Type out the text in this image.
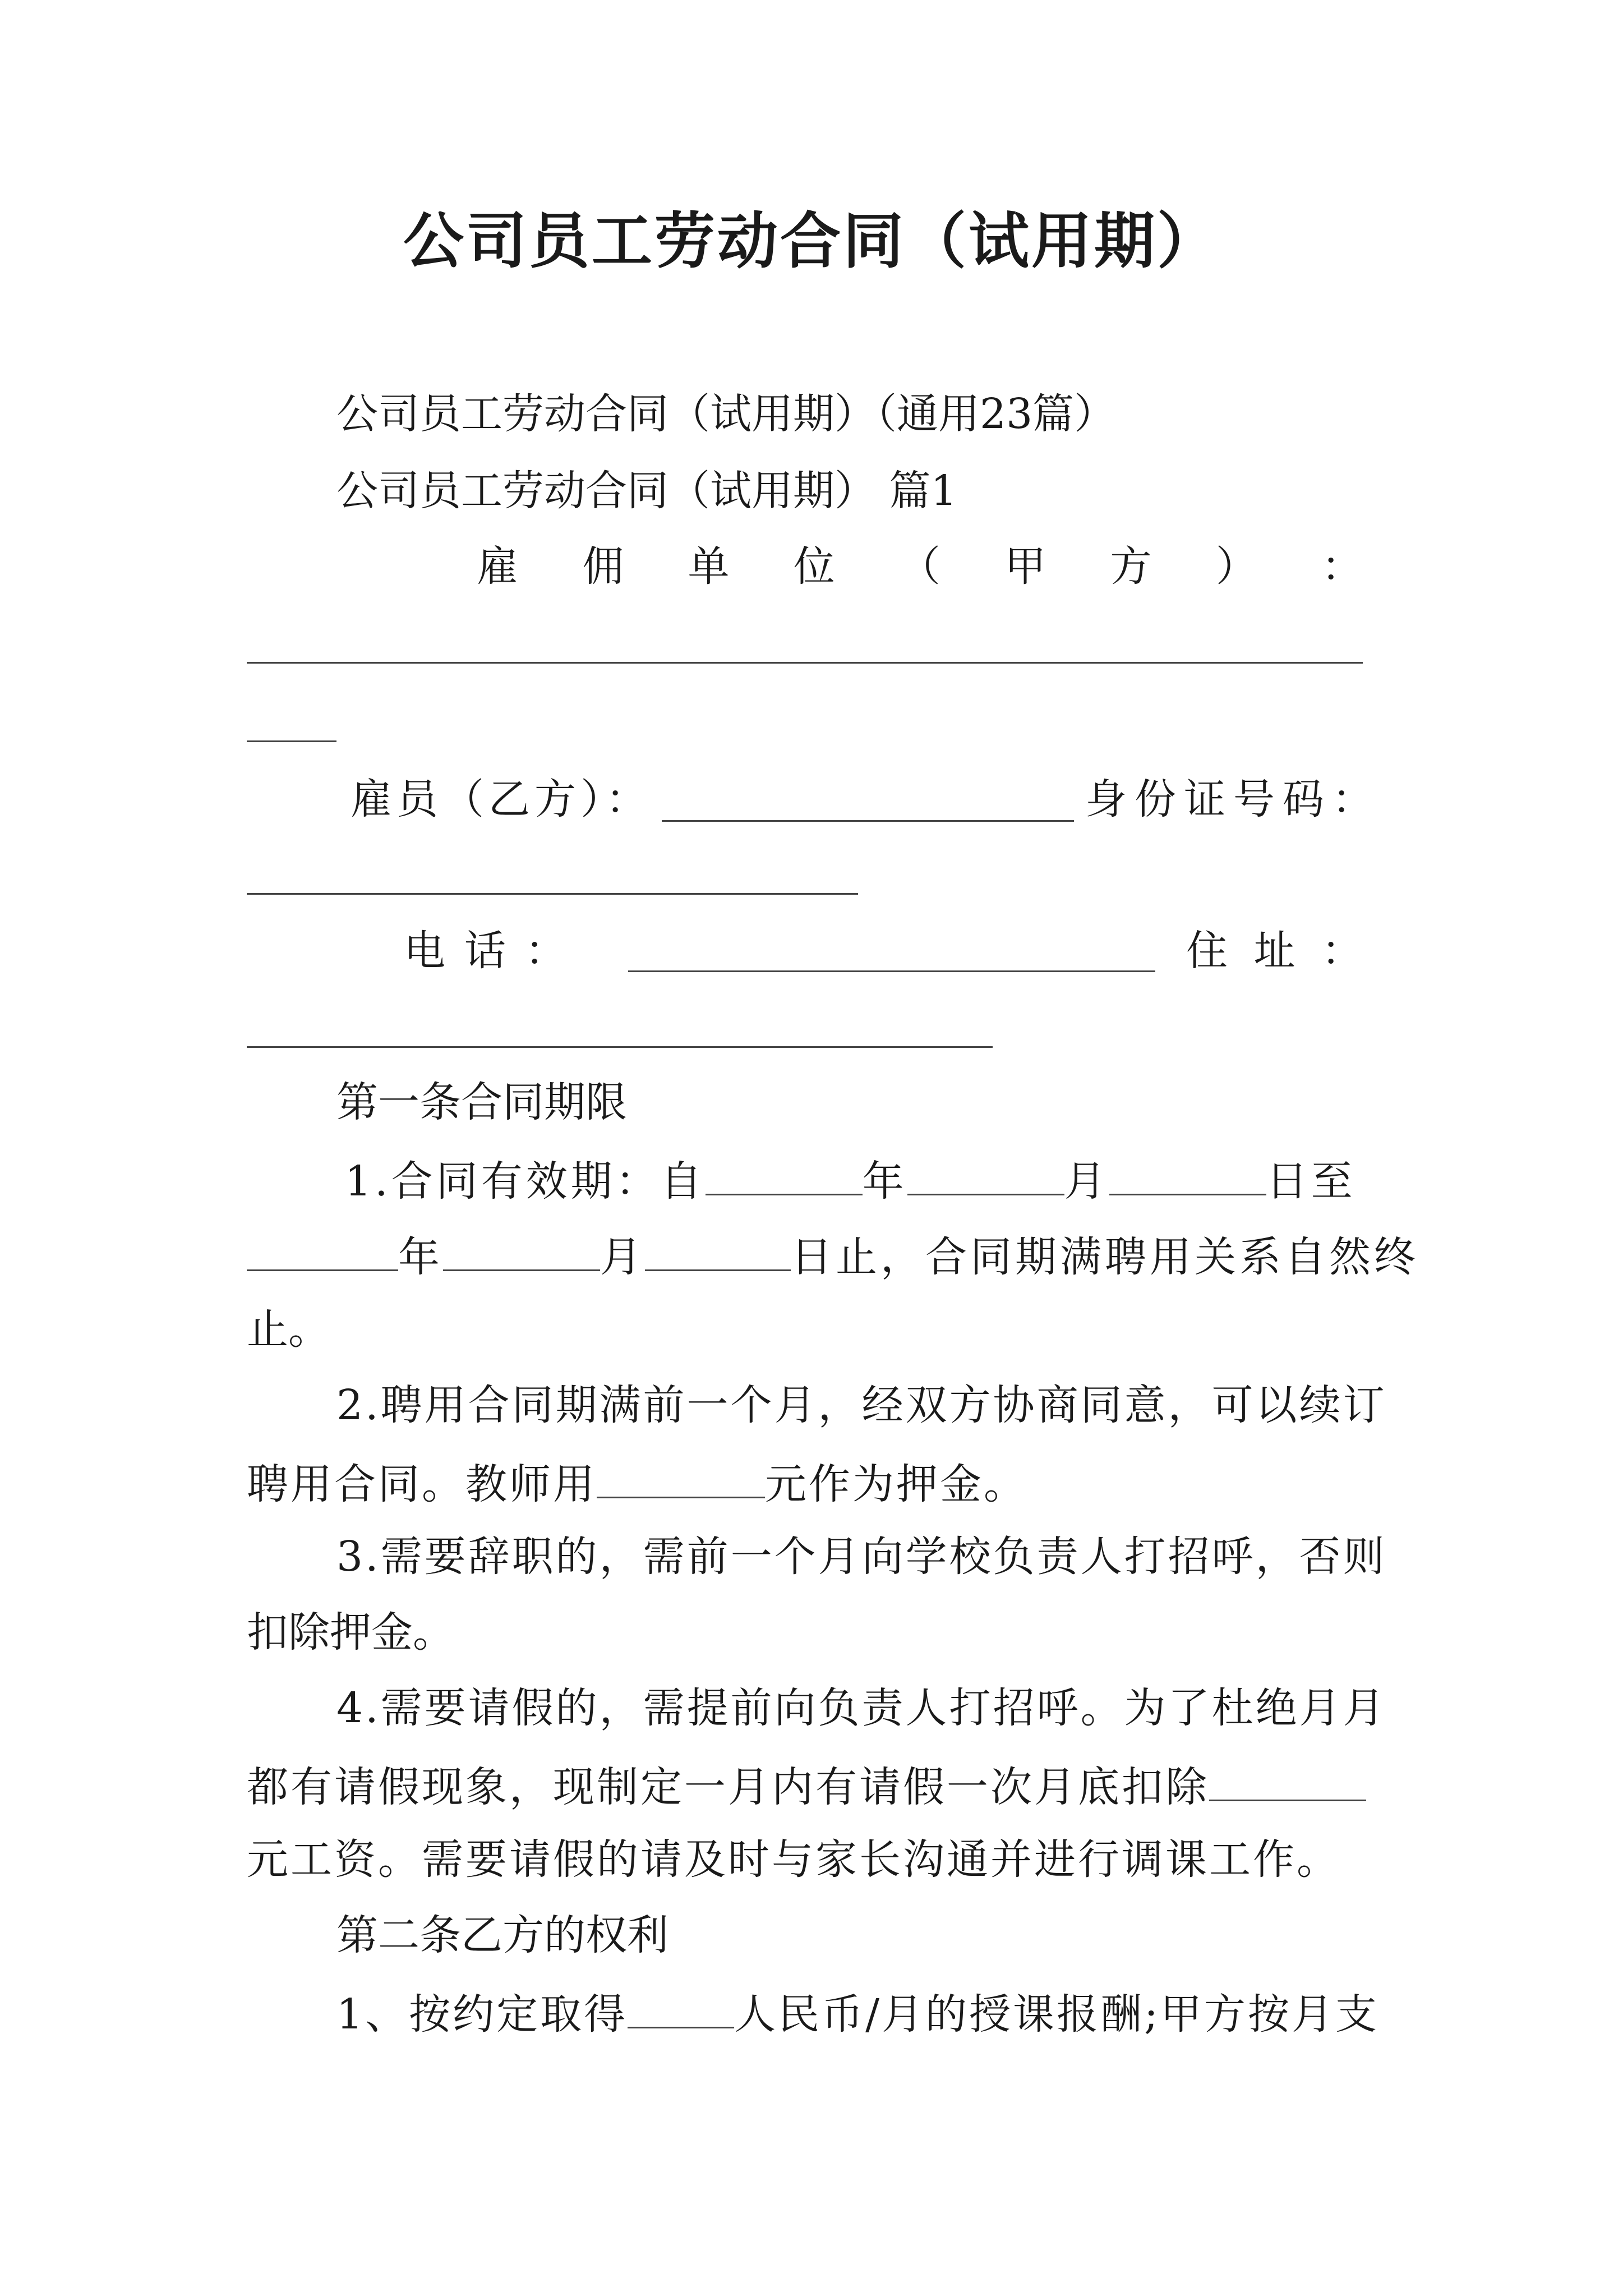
公司员工劳动合同（试用期）
公司员工劳动合同（试用期）（通用23篇）
公司员工劳动合同（试用期） 篇1
雇 佣 单 位 （ 甲 方 ） ：
雇员（乙方）：	身份证号码：
电 话 ：	住 址 ：
第一条合同期限
1.合同有效期：自	年	月	日至
年	月	日止，合同期满聘用关系自然终
止。
2.聘用合同期满前一个月，经双方协商同意，可以续订
聘用合同。教师用	元作为押金。
3.需要辞职的，需前一个月向学校负责人打招呼，否则
扣除押金。
4.需要请假的，需提前向负责人打招呼。为了杜绝月月
都有请假现象，现制定一月内有请假一次月底扣除
元工资。需要请假的请及时与家长沟通并进行调课工作。
第二条乙方的权利
1、按约定取得	人民币/月的授课报酬;甲方按月支
